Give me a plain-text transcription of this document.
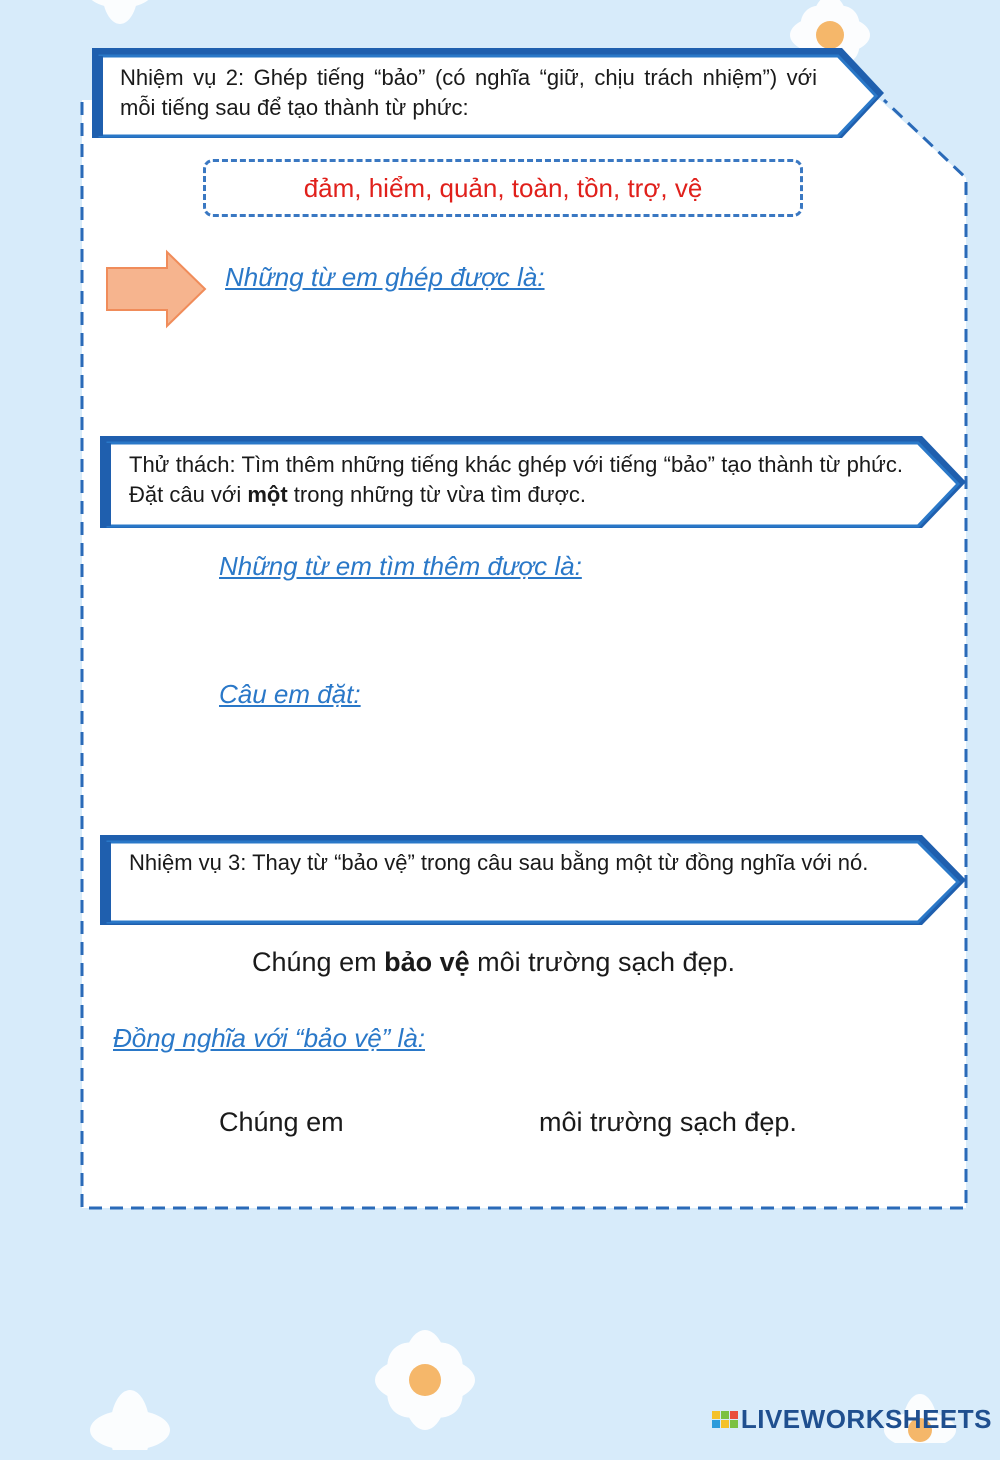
Nhiệm vụ 2: Ghép tiếng “bảo” (có nghĩa “giữ, chịu trách nhiệm”) với mỗi tiếng sau để tạo thành từ phức:
đảm, hiểm, quản, toàn, tồn, trợ, vệ
Những từ em ghép được là:
Thử thách: Tìm thêm những tiếng khác ghép với tiếng “bảo” tạo thành từ phức. Đặt câu với một trong những từ vừa tìm được.
Những từ em tìm thêm được là:
Câu em đặt:
Nhiệm vụ 3: Thay từ “bảo vệ” trong câu sau bằng một từ đồng nghĩa với nó.
Chúng em bảo vệ môi trường sạch đẹp.
Đồng nghĩa với “bảo vệ” là:
Chúng em	môi trường sạch đẹp.
LIVEWORKSHEETS
